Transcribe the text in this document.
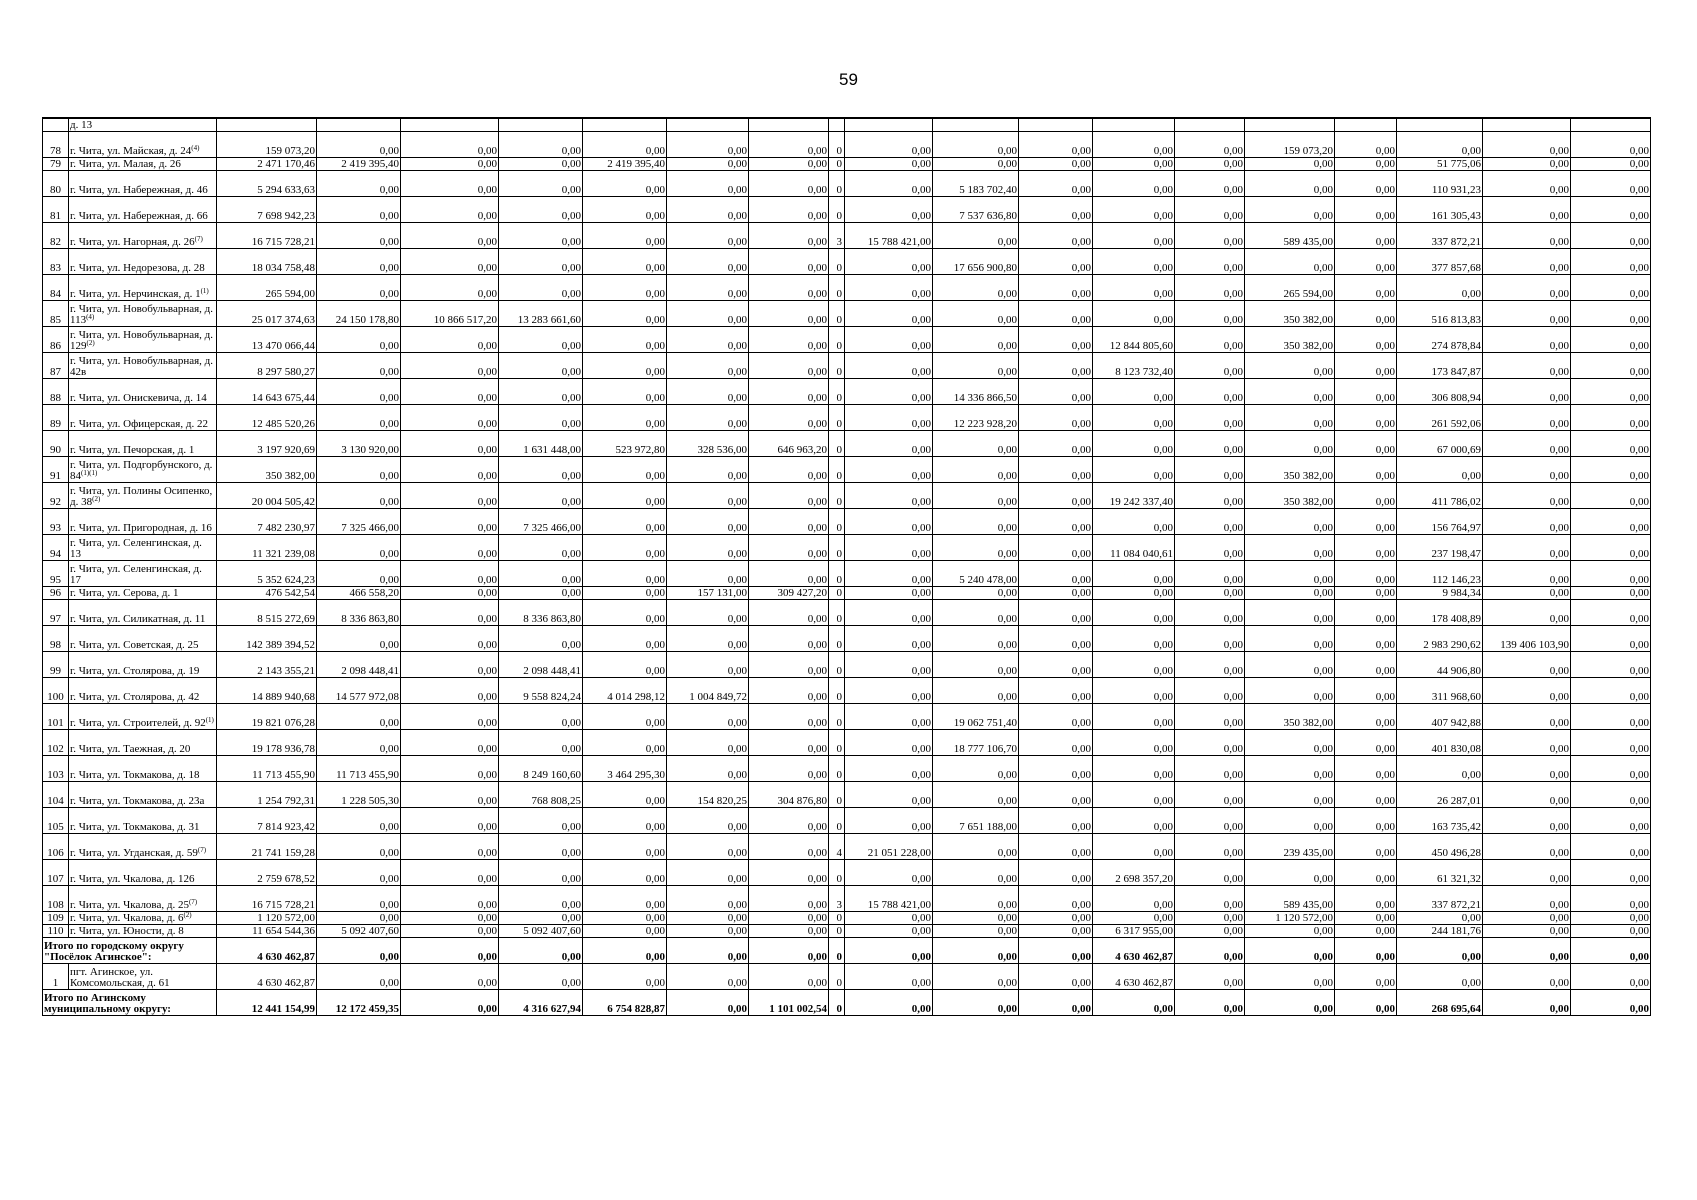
59
	д. 13																		
78	г. Чита, ул. Майская, д. 24$^{(4)}$	159 073,20	0,00	0,00	0,00	0,00	0,00	0,00	0	0,00	0,00	0,00	0,00	0,00	159 073,20	0,00	0,00	0,00	0,00
79	г. Чита, ул. Малая, д. 26	2 471 170,46	2 419 395,40	0,00	0,00	2 419 395,40	0,00	0,00	0	0,00	0,00	0,00	0,00	0,00	0,00	0,00	51 775,06	0,00	0,00
80	г. Чита, ул. Набережная, д. 46	5 294 633,63	0,00	0,00	0,00	0,00	0,00	0,00	0	0,00	5 183 702,40	0,00	0,00	0,00	0,00	0,00	110 931,23	0,00	0,00
81	г. Чита, ул. Набережная, д. 66	7 698 942,23	0,00	0,00	0,00	0,00	0,00	0,00	0	0,00	7 537 636,80	0,00	0,00	0,00	0,00	0,00	161 305,43	0,00	0,00
82	г. Чита, ул. Нагорная, д. 26$^{(7)}$	16 715 728,21	0,00	0,00	0,00	0,00	0,00	0,00	3	15 788 421,00	0,00	0,00	0,00	0,00	589 435,00	0,00	337 872,21	0,00	0,00
83	г. Чита, ул. Недорезова, д. 28	18 034 758,48	0,00	0,00	0,00	0,00	0,00	0,00	0	0,00	17 656 900,80	0,00	0,00	0,00	0,00	0,00	377 857,68	0,00	0,00
84	г. Чита, ул. Нерчинская, д. 1$^{(1)}$	265 594,00	0,00	0,00	0,00	0,00	0,00	0,00	0	0,00	0,00	0,00	0,00	0,00	265 594,00	0,00	0,00	0,00	0,00
85	г. Чита, ул. Новобульварная, д. 113$^{(4)}$	25 017 374,63	24 150 178,80	10 866 517,20	13 283 661,60	0,00	0,00	0,00	0	0,00	0,00	0,00	0,00	0,00	350 382,00	0,00	516 813,83	0,00	0,00
86	г. Чита, ул. Новобульварная, д. 129$^{(2)}$	13 470 066,44	0,00	0,00	0,00	0,00	0,00	0,00	0	0,00	0,00	0,00	12 844 805,60	0,00	350 382,00	0,00	274 878,84	0,00	0,00
87	г. Чита, ул. Новобульварная, д. 42в	8 297 580,27	0,00	0,00	0,00	0,00	0,00	0,00	0	0,00	0,00	0,00	8 123 732,40	0,00	0,00	0,00	173 847,87	0,00	0,00
88	г. Чита, ул. Онискевича, д. 14	14 643 675,44	0,00	0,00	0,00	0,00	0,00	0,00	0	0,00	14 336 866,50	0,00	0,00	0,00	0,00	0,00	306 808,94	0,00	0,00
89	г. Чита, ул. Офицерская, д. 22	12 485 520,26	0,00	0,00	0,00	0,00	0,00	0,00	0	0,00	12 223 928,20	0,00	0,00	0,00	0,00	0,00	261 592,06	0,00	0,00
90	г. Чита, ул. Печорская, д. 1	3 197 920,69	3 130 920,00	0,00	1 631 448,00	523 972,80	328 536,00	646 963,20	0	0,00	0,00	0,00	0,00	0,00	0,00	0,00	67 000,69	0,00	0,00
91	г. Чита, ул. Подгорбунского, д. $84^{(1)(1)}$	350 382,00	0,00	0,00	0,00	0,00	0,00	0,00	0	0,00	0,00	0,00	0,00	0,00	350 382,00	0,00	0,00	0,00	0,00
92	г. Чита, ул. Полины Осипенко, д. 38$^{(2)}$	20 004 505,42	0,00	0,00	0,00	0,00	0,00	0,00	0	0,00	0,00	0,00	19 242 337,40	0,00	350 382,00	0,00	411 786,02	0,00	0,00
93	г. Чита, ул. Пригородная, д. 16	7 482 230,97	7 325 466,00	0,00	7 325 466,00	0,00	0,00	0,00	0	0,00	0,00	0,00	0,00	0,00	0,00	0,00	156 764,97	0,00	0,00
94	г. Чита, ул. Селенгинская, д. 13	11 321 239,08	0,00	0,00	0,00	0,00	0,00	0,00	0	0,00	0,00	0,00	11 084 040,61	0,00	0,00	0,00	237 198,47	0,00	0,00
95	г. Чита, ул. Селенгинская, д. 17	5 352 624,23	0,00	0,00	0,00	0,00	0,00	0,00	0	0,00	5 240 478,00	0,00	0,00	0,00	0,00	0,00	112 146,23	0,00	0,00
96	г. Чита, ул. Серова, д. 1	476 542,54	466 558,20	0,00	0,00	0,00	157 131,00	309 427,20	0	0,00	0,00	0,00	0,00	0,00	0,00	0,00	9 984,34	0,00	0,00
97	г. Чита, ул. Силикатная, д. 11	8 515 272,69	8 336 863,80	0,00	8 336 863,80	0,00	0,00	0,00	0	0,00	0,00	0,00	0,00	0,00	0,00	0,00	178 408,89	0,00	0,00
98	г. Чита, ул. Советская, д. 25	142 389 394,52	0,00	0,00	0,00	0,00	0,00	0,00	0	0,00	0,00	0,00	0,00	0,00	0,00	0,00	2 983 290,62	139 406 103,90	0,00
99	г. Чита, ул. Столярова, д. 19	2 143 355,21	2 098 448,41	0,00	2 098 448,41	0,00	0,00	0,00	0	0,00	0,00	0,00	0,00	0,00	0,00	0,00	44 906,80	0,00	0,00
100	г. Чита, ул. Столярова, д. 42	14 889 940,68	14 577 972,08	0,00	9 558 824,24	4 014 298,12	1 004 849,72	0,00	0	0,00	0,00	0,00	0,00	0,00	0,00	0,00	311 968,60	0,00	0,00
101	г. Чита, ул. Строителей, д. 92$^{(1)}$	19 821 076,28	0,00	0,00	0,00	0,00	0,00	0,00	0	0,00	19 062 751,40	0,00	0,00	0,00	350 382,00	0,00	407 942,88	0,00	0,00
102	г. Чита, ул. Таежная, д. 20	19 178 936,78	0,00	0,00	0,00	0,00	0,00	0,00	0	0,00	18 777 106,70	0,00	0,00	0,00	0,00	0,00	401 830,08	0,00	0,00
103	г. Чита, ул. Токмакова, д. 18	11 713 455,90	11 713 455,90	0,00	8 249 160,60	3 464 295,30	0,00	0,00	0	0,00	0,00	0,00	0,00	0,00	0,00	0,00	0,00	0,00	0,00
104	г. Чита, ул. Токмакова, д. 23а	1 254 792,31	1 228 505,30	0,00	768 808,25	0,00	154 820,25	304 876,80	0	0,00	0,00	0,00	0,00	0,00	0,00	0,00	26 287,01	0,00	0,00
105	г. Чита, ул. Токмакова, д. 31	7 814 923,42	0,00	0,00	0,00	0,00	0,00	0,00	0	0,00	7 651 188,00	0,00	0,00	0,00	0,00	0,00	163 735,42	0,00	0,00
106	г. Чита, ул. Угданская, д. 59$^{(7)}$	21 741 159,28	0,00	0,00	0,00	0,00	0,00	0,00	4	21 051 228,00	0,00	0,00	0,00	0,00	239 435,00	0,00	450 496,28	0,00	0,00
107	г. Чита, ул. Чкалова, д. 126	2 759 678,52	0,00	0,00	0,00	0,00	0,00	0,00	0	0,00	0,00	0,00	2 698 357,20	0,00	0,00	0,00	61 321,32	0,00	0,00
108	г. Чита, ул. Чкалова, д. 25$^{(7)}$	16 715 728,21	0,00	0,00	0,00	0,00	0,00	0,00	3	15 788 421,00	0,00	0,00	0,00	0,00	589 435,00	0,00	337 872,21	0,00	0,00
109	г. Чита, ул. Чкалова, д. 6$^{(2)}$	1 120 572,00	0,00	0,00	0,00	0,00	0,00	0,00	0	0,00	0,00	0,00	0,00	0,00	1 120 572,00	0,00	0,00	0,00	0,00
110	г. Чита, ул. Юности, д. 8	11 654 544,36	5 092 407,60	0,00	5 092 407,60	0,00	0,00	0,00	0	0,00	0,00	0,00	6 317 955,00	0,00	0,00	0,00	244 181,76	0,00	0,00
Итого по городскому округу "Посёлок Агинское":		4 630 462,87	0,00	0,00	0,00	0,00	0,00	0,00	0	0,00	0,00	0,00	4 630 462,87	0,00	0,00	0,00	0,00	0,00	0,00
1	пгт. Агинское, ул. Комсомольская, д. 61	4 630 462,87	0,00	0,00	0,00	0,00	0,00	0,00	0	0,00	0,00	0,00	4 630 462,87	0,00	0,00	0,00	0,00	0,00	0,00
Итого по Агинскому муниципальному округу:		12 441 154,99	12 172 459,35	0,00	4 316 627,94	6 754 828,87	0,00	1 101 002,54	0	0,00	0,00	0,00	0,00	0,00	0,00	0,00	268 695,64	0,00	0,00
